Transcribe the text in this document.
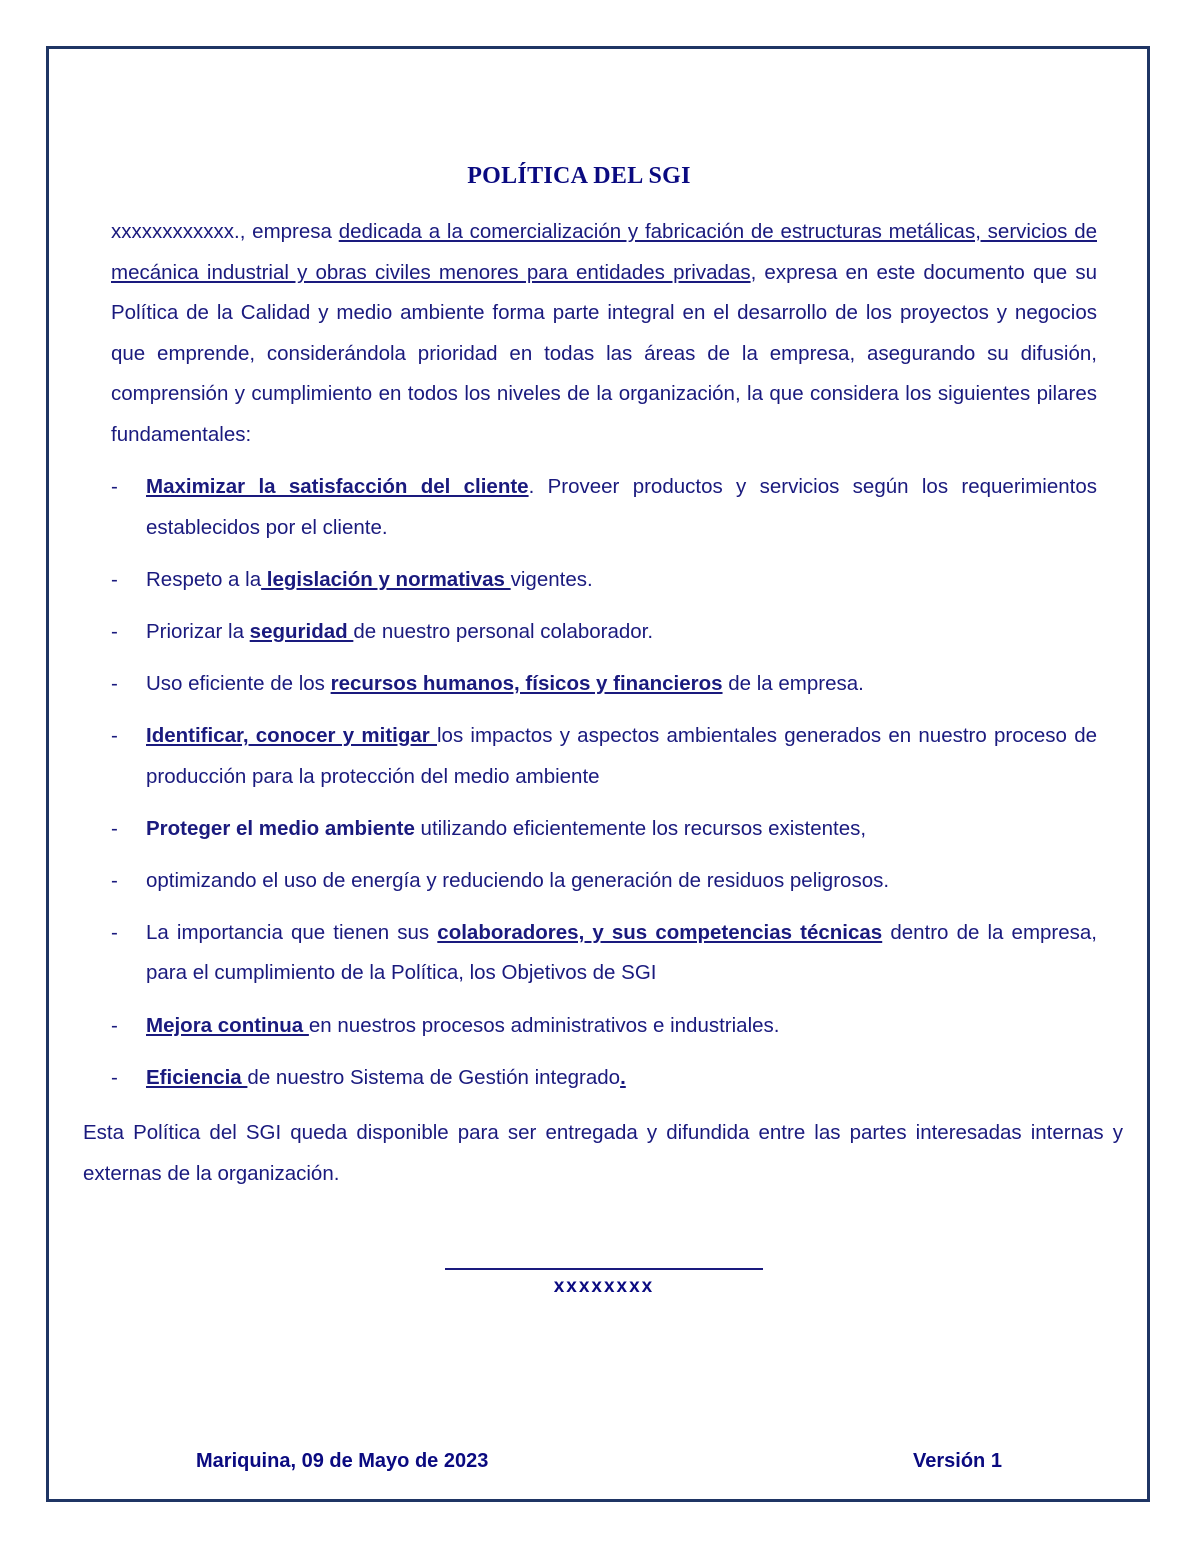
POLÍTICA DEL SGI

xxxxxxxxxxxx., empresa dedicada a la comercialización y fabricación de estructuras metálicas, servicios de mecánica industrial y obras civiles menores para entidades privadas, expresa en este documento que su Política de la Calidad y medio ambiente forma parte integral en el desarrollo de los proyectos y negocios que emprende, considerándola prioridad en todas las áreas de la empresa, asegurando su difusión, comprensión y cumplimiento en todos los niveles de la organización, la que considera los siguientes pilares fundamentales:

- Maximizar la satisfacción del cliente. Proveer productos y servicios según los requerimientos establecidos por el cliente.
- Respeto a la legislación y normativas vigentes.
- Priorizar la seguridad de nuestro personal colaborador.
- Uso eficiente de los recursos humanos, físicos y financieros de la empresa.
- Identificar, conocer y mitigar los impactos y aspectos ambientales generados en nuestro proceso de producción para la protección del medio ambiente
- Proteger el medio ambiente utilizando eficientemente los recursos existentes,
- optimizando el uso de energía y reduciendo la generación de residuos peligrosos.
- La importancia que tienen sus colaboradores, y sus competencias técnicas dentro de la empresa, para el cumplimiento de la Política, los Objetivos de SGI
- Mejora continua en nuestros procesos administrativos e industriales.
- Eficiencia de nuestro Sistema de Gestión integrado.

Esta Política del SGI queda disponible para ser entregada y difundida entre las partes interesadas internas y externas de la organización.

xxxxxxxx
Mariquina, 09 de Mayo de 2023	Versión 1
